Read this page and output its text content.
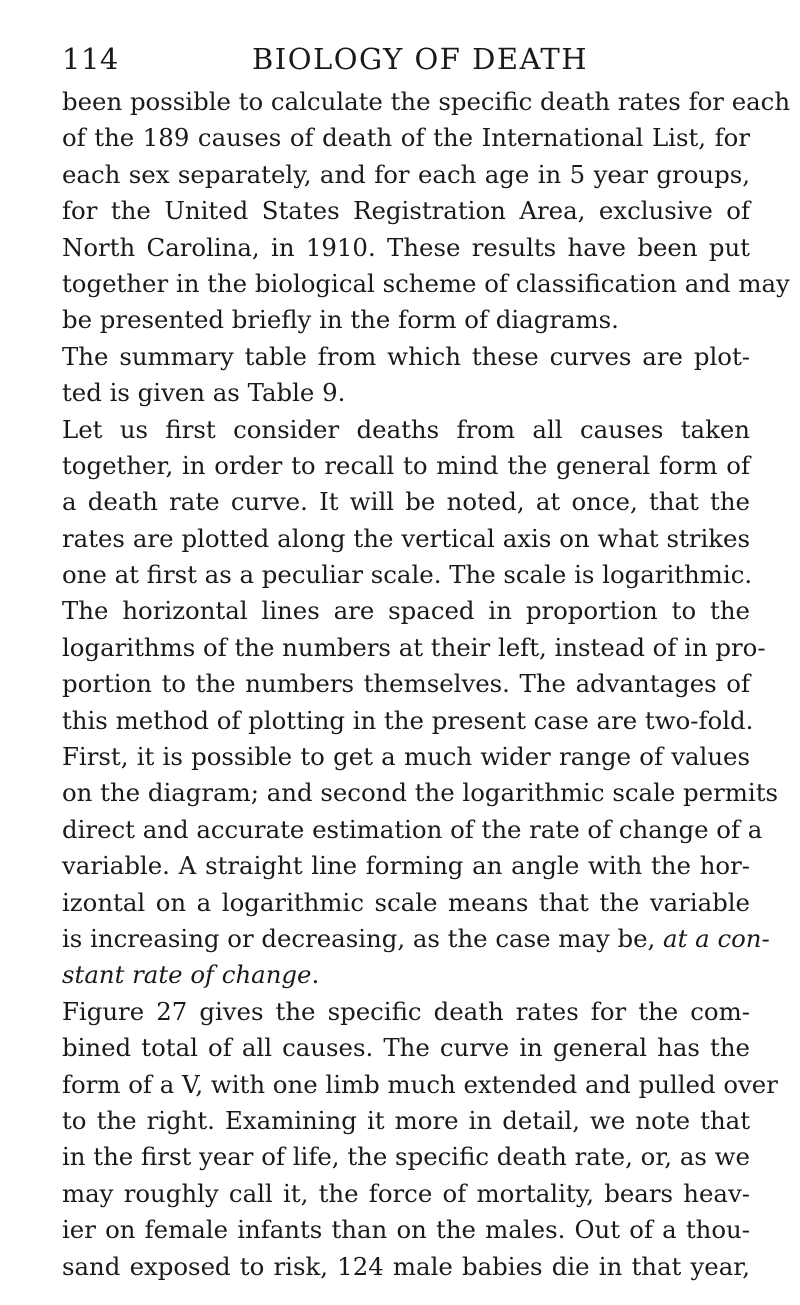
114	BIOLOGY OF DEATH
been possible to calculate the specific death rates for each
of the 189 causes of death of the International List, for
each sex separately, and for each age in 5 year groups,
for the United States Registration Area, exclusive of
North Carolina, in 1910. These results have been put
together in the biological scheme of classification and may
be presented briefly in the form of diagrams.
The summary table from which these curves are plot-
ted is given as Table 9.
Let us first consider deaths from all causes taken
together, in order to recall to mind the general form of
a death rate curve. It will be noted, at once, that the
rates are plotted along the vertical axis on what strikes
one at first as a peculiar scale. The scale is logarithmic.
The horizontal lines are spaced in proportion to the
logarithms of the numbers at their left, instead of in pro-
portion to the numbers themselves. The advantages of
this method of plotting in the present case are two-fold.
First, it is possible to get a much wider range of values
on the diagram; and second the logarithmic scale permits
direct and accurate estimation of the rate of change of a
variable. A straight line forming an angle with the hor-
izontal on a logarithmic scale means that the variable
is increasing or decreasing, as the case may be, at a con-
stant rate of change.
Figure 27 gives the specific death rates for the com-
bined total of all causes. The curve in general has the
form of a V, with one limb much extended and pulled over
to the right. Examining it more in detail, we note that
in the first year of life, the specific death rate, or, as we
may roughly call it, the force of mortality, bears heav-
ier on female infants than on the males. Out of a thou-
sand exposed to risk, 124 male babies die in that year,
